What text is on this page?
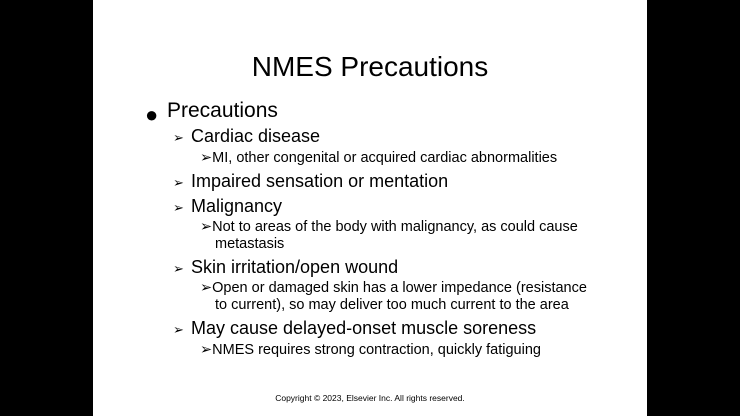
NMES Precautions
● Precautions
➢ Cardiac disease
➢MI, other congenital or acquired cardiac abnormalities
➢ Impaired sensation or mentation
➢ Malignancy
➢Not to areas of the body with malignancy, as could cause
metastasis
➢ Skin irritation/open wound
➢Open or damaged skin has a lower impedance (resistance
to current), so may deliver too much current to the area
➢ May cause delayed-onset muscle soreness
➢NMES requires strong contraction, quickly fatiguing
Copyright © 2023, Elsevier Inc. All rights reserved.
